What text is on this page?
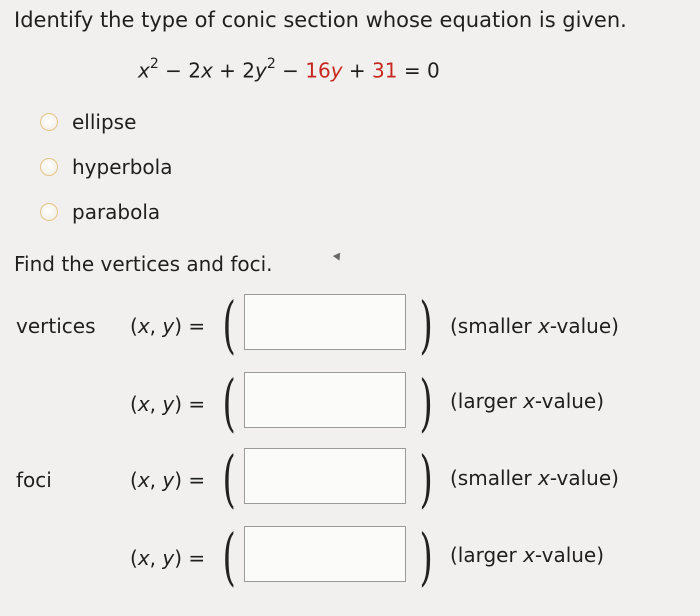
Identify the type of conic section whose equation is given.
$x^2 - 2x + 2y^2 - 16y + 31 = 0$
ellipse
hyperbola
parabola
Find the vertices and foci.
vertices (x, y) = (	) (smaller x-value)
(x, y) = (	) (larger x-value)
foci	(x, y) = (	) (smaller x-value)
(x, y) = (	) (larger x-value)
